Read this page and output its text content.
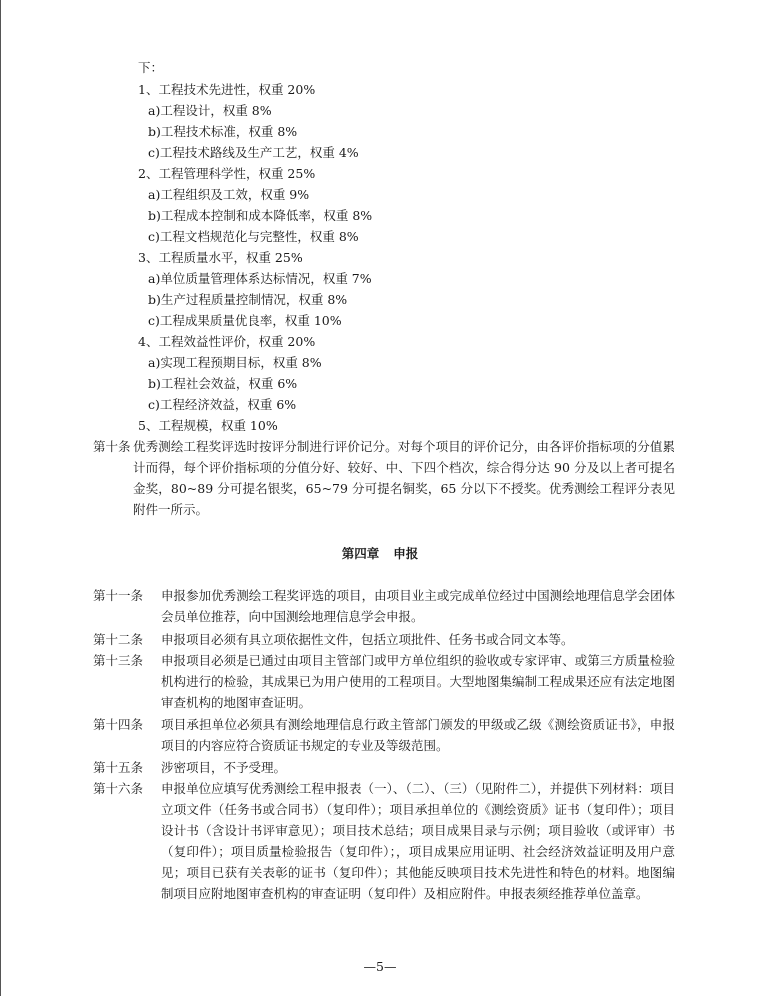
下：
1、工程技术先进性，权重 20%
a)工程设计，权重 8%
b)工程技术标准，权重 8%
c)工程技术路线及生产工艺，权重 4%
2、工程管理科学性，权重 25%
a)工程组织及工效，权重 9%
b)工程成本控制和成本降低率，权重 8%
c)工程文档规范化与完整性，权重 8%
3、工程质量水平，权重 25%
a)单位质量管理体系达标情况，权重 7%
b)生产过程质量控制情况，权重 8%
c)工程成果质量优良率，权重 10%
4、工程效益性评价，权重 20%
a)实现工程预期目标，权重 8%
b)工程社会效益，权重 6%
c)工程经济效益，权重 6%
5、工程规模，权重 10%
第十条 优秀测绘工程奖评选时按评分制进行评价记分。对每个项目的评价记分，由各评价指标项的分值累计而得，每个评价指标项的分值分好、较好、中、下四个档次，综合得分达 90 分及以上者可提名金奖，80~89 分可提名银奖，65~79 分可提名铜奖，65 分以下不授奖。优秀测绘工程评分表见附件一所示。
第四章 申报
第十一条 申报参加优秀测绘工程奖评选的项目，由项目业主或完成单位经过中国测绘地理信息学会团体会员单位推荐，向中国测绘地理信息学会申报。
第十二条 申报项目必须有具立项依据性文件，包括立项批件、任务书或合同文本等。
第十三条 申报项目必须是已通过由项目主管部门或甲方单位组织的验收或专家评审、或第三方质量检验机构进行的检验，其成果已为用户使用的工程项目。大型地图集编制工程成果还应有法定地图审查机构的地图审查证明。
第十四条 项目承担单位必须具有测绘地理信息行政主管部门颁发的甲级或乙级《测绘资质证书》，申报项目的内容应符合资质证书规定的专业及等级范围。
第十五条 涉密项目，不予受理。
第十六条 申报单位应填写优秀测绘工程申报表（一）、（二）、（三）（见附件二），并提供下列材料：项目立项文件（任务书或合同书）（复印件）；项目承担单位的《测绘资质》证书（复印件）；项目设计书（含设计书评审意见）；项目技术总结；项目成果目录与示例；项目验收（或评审）书（复印件）；项目质量检验报告（复印件）；，项目成果应用证明、社会经济效益证明及用户意见；项目已获有关表彰的证书（复印件）；其他能反映项目技术先进性和特色的材料。地图编制项目应附地图审查机构的审查证明（复印件）及相应附件。申报表须经推荐单位盖章。
—5—
